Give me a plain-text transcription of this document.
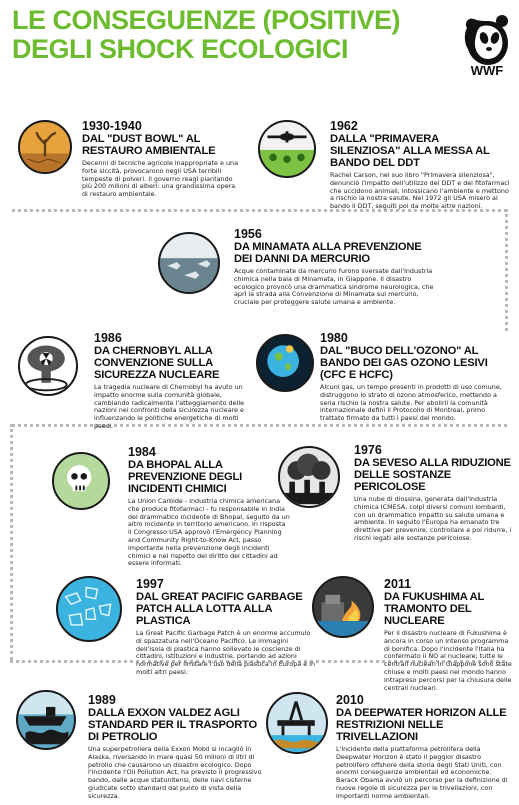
LE CONSEGUENZE (POSITIVE)
DEGLI SHOCK ECOLOGICI
WWF
1930-1940
DAL "DUST BOWL" AL RESTAURO AMBIENTALE
Decenni di tecniche agricole inappropriate e una forte siccità, provocarono negli USA terribili tempeste di polveri. Il governo reagì piantando più 200 milioni di alberi: una grandissima opera di restauro ambientale.
1962
DALLA "PRIMAVERA SILENZIOSA" ALLA MESSA AL BANDO DEL DDT
Rachel Carson, nel suo libro "Primavera silenziosa", denunciò l'impatto dell'utilizzo del DDT e dei fitofarmaci che uccidono animali, intossicano l'ambiente e mettono a rischio la nostra salute. Nel 1972 gli USA misero al bando il DDT, seguiti poi da molte altre nazioni.
1956
DA MINAMATA ALLA PREVENZIONE DEI DANNI DA MERCURIO
Acque contaminate da mercurio furono sversate dall'industria chimica nella baia di Minamata, in Giappone. Il disastro ecologico provocò una drammatica sindrome neurologica, che aprì la strada alla Convenzione di Minamata sul mercurio, cruciale per proteggere salute umana e ambiente.
1986
DA CHERNOBYL ALLA CONVENZIONE SULLA SICUREZZA NUCLEARE
La tragedia nucleare di Chernobyl ha avuto un impatto enorme sulla comunità globale, cambiando radicalmente l'atteggiamento delle nazioni nei confronti della sicurezza nucleare e influenzando le politiche energetiche di molti paesi.
1980
DAL "BUCO DELL'OZONO" AL BANDO DEI GAS OZONO LESIVI (CFC E HCFC)
Alcuni gas, un tempo presenti in prodotti di uso comune, distruggono lo strato di ozono atmosferico, mettendo a seria rischio la nostra salute. Per abolirli la comunità internazionale definì il Protocollo di Montreal, primo trattato firmato da tutti i paesi del mondo.
1984
DA BHOPAL ALLA PREVENZIONE DEGLI INCIDENTI CHIMICI
La Union Carbide - industria chimica americana che produce fitofarmaci - fu responsabile in India del drammatico incidente di Bhopal, seguito da un altro incidente in territorio americano. In risposta il Congresso USA approvò l'Emergency Planning and Community Right-to-Know Act, passo importante nella prevenzione degli incidenti chimici e nel rispetto del diritto dei cittadini ad essere informati.
1976
DA SEVESO ALLA RIDUZIONE DELLE SOSTANZE PERICOLOSE
Una nube di diossina, generata dall'industria chimica ICMESA, colpì diversi comuni lombardi, con un drammatico impatto su salute umana e ambiente. In seguito l'Europa ha emanato tre direttive per prevenire, controllare e poi ridurre, i rischi legati alle sostanze pericolose.
1997
DAL GREAT PACIFIC GARBAGE PATCH ALLA LOTTA ALLA PLASTICA
La Great Pacific Garbage Patch è un enorme accumulo di spazzatura nell'Oceano Pacifico. Le immagini dell'isola di plastica hanno sollevato le coscienze di cittadini, istituzioni e industrie, portando ad azioni normative per limitare l'uso della plastica in Europa e in molti altri paesi.
2011
DA FUKUSHIMA AL TRAMONTO DEL NUCLEARE
Per il disastro nucleare di Fukushima è ancora in corso un intenso programma di bonifica. Dopo l'incidente l'Italia ha confermato il NO al nucleare; tutte le centrali nucleari in Giappone sono state chiuse e molti paesi nel mondo hanno intrapreso percorsi per la chiusura delle centrali nucleari.
1989
DALLA EXXON VALDEZ AGLI STANDARD PER IL TRASPORTO DI PETROLIO
Una superpetroliera della Exxon Mobil si incagliò in Alaska, riversando in mare quasi 50 milioni di litri di petrolio che causarono un disastro ecologico. Dopo l'incidente l'Oil Pollution Act, ha previsto il progressivo bando, dalle acque statunitensi, delle navi cisterne giudicate sotto standard dal punto di vista della sicurezza.
2010
DA DEEPWATER HORIZON ALLE RESTRIZIONI NELLE TRIVELLAZIONI
L'incidente della piattaforma petrolifera della Deepwater Horizon è stato il peggior disastro petrolifero offshore della storia degli Stati Uniti, con enormi conseguenze ambientali ed economiche. Barack Obama avviò un percorso per la definizione di nuove regole di sicurezza per le trivellazioni, con importanti norme ambientali.
